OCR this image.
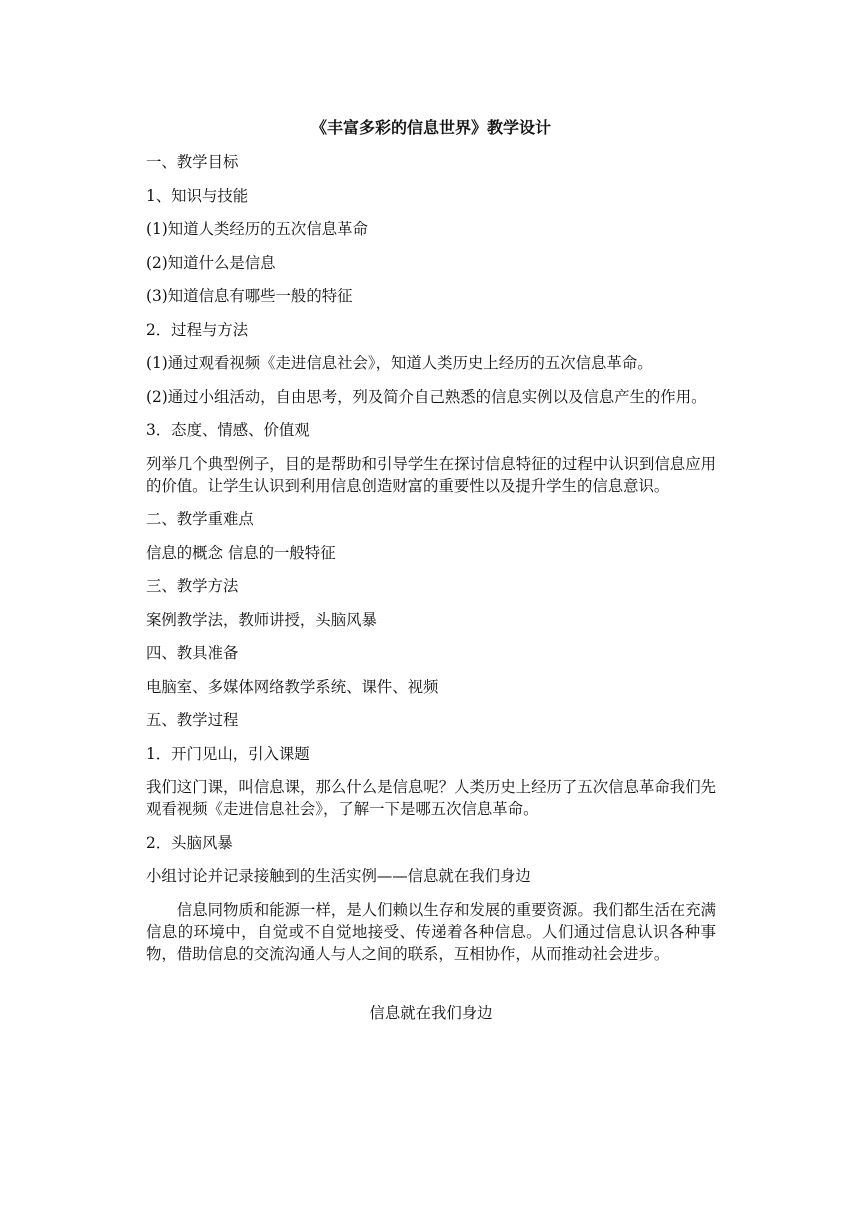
《丰富多彩的信息世界》教学设计
一、教学目标
1、知识与技能
(1)知道人类经历的五次信息革命
(2)知道什么是信息
(3)知道信息有哪些一般的特征
2．过程与方法
(1)通过观看视频《走进信息社会》，知道人类历史上经历的五次信息革命。
(2)通过小组活动，自由思考，列及简介自己熟悉的信息实例以及信息产生的作用。
3．态度、情感、价值观
列举几个典型例子，目的是帮助和引导学生在探讨信息特征的过程中认识到信息应用的价值。让学生认识到利用信息创造财富的重要性以及提升学生的信息意识。
二、教学重难点
信息的概念 信息的一般特征
三、教学方法
案例教学法，教师讲授，头脑风暴
四、教具准备
电脑室、多媒体网络教学系统、课件、视频
五、教学过程
1．开门见山，引入课题
我们这门课，叫信息课，那么什么是信息呢？人类历史上经历了五次信息革命我们先观看视频《走进信息社会》，了解一下是哪五次信息革命。
2．头脑风暴
小组讨论并记录接触到的生活实例——信息就在我们身边
信息同物质和能源一样，是人们赖以生存和发展的重要资源。我们都生活在充满信息的环境中，自觉或不自觉地接受、传递着各种信息。人们通过信息认识各种事物，借助信息的交流沟通人与人之间的联系，互相协作，从而推动社会进步。
信息就在我们身边
